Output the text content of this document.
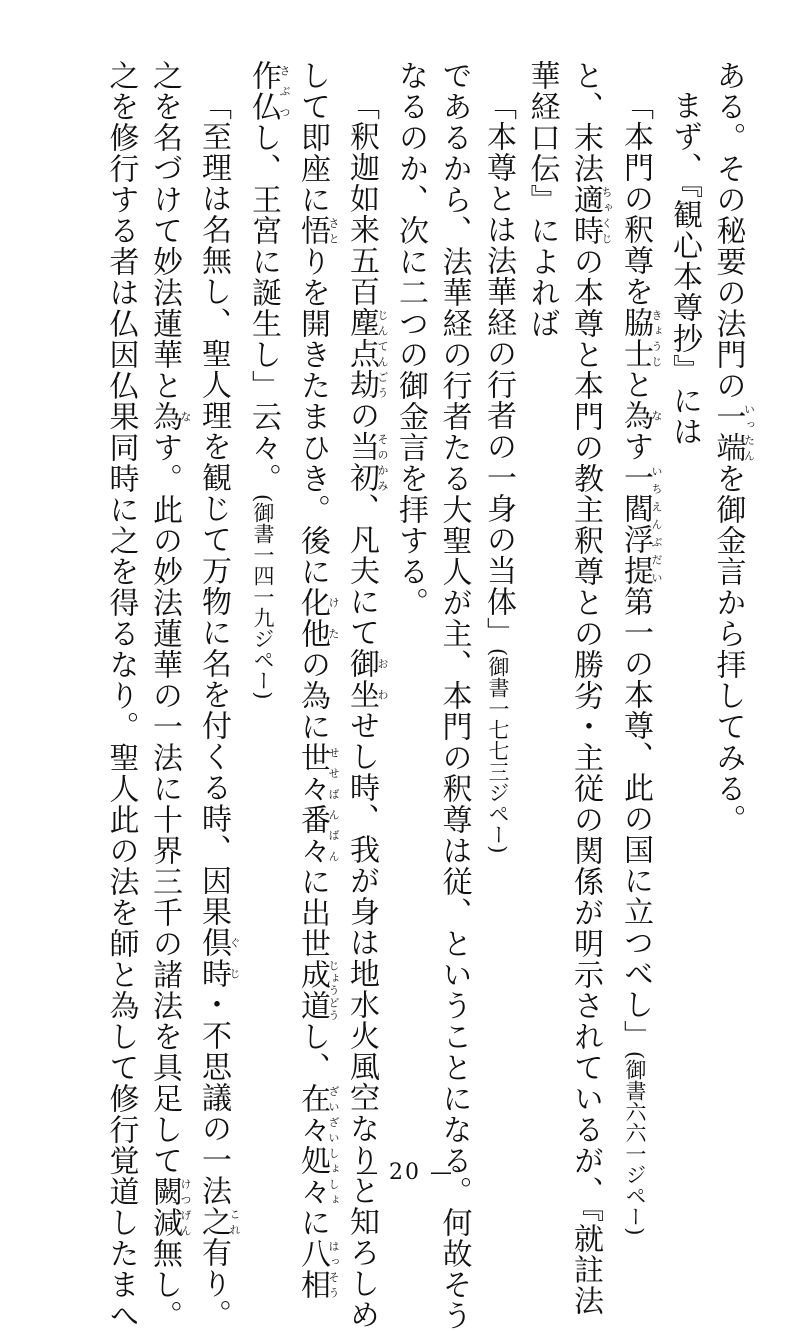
ある。その秘要の法門の一端いったんを御金言から拝してみる。
まず、『観心本尊抄』には
「本門の釈尊を脇士きょうじと為なす一閻浮提いちえんぶだい第一の本尊、此の国に立つべし」(御書六六一ジペー)
と、末法適時ちゃくじの本尊と本門の教主釈尊との勝劣・主従の関係が明示されているが、『就註法
華経口伝』によれば
「本尊とは法華経の行者の一身の当体」(御書一七七三ジペー)
であるから、法華経の行者たる大聖人が主、本門の釈尊は従、ということになる。何故そう
なるのか、次に二つの御金言を拝する。
「釈迦如来五百塵点劫じんてんごうの当初そのかみ、凡夫にて御坐おわせし時、我が身は地水火風空なりと知ろしめ
して即座に悟さとりを開きたまひき。後に化他けたの為に世々番々せせばんばんに出世成道じょうどうし、在々処々ざいざいしょしょに八相はっそう
作仏さぶつし、王宮に誕生し」云々。(御書一四一九ジペー)
「至理は名無し、聖人理を観じて万物に名を付くる時、因果倶時ぐじ・不思議の一法之これ有り。
之を名づけて妙法蓮華と為なす。此の妙法蓮華の一法に十界三千の諸法を具足して闕減けつげん無し。
之を修行する者は仏因仏果同時に之を得るなり。聖人此の法を師と為して修行覚道したまへ	— 20 —
